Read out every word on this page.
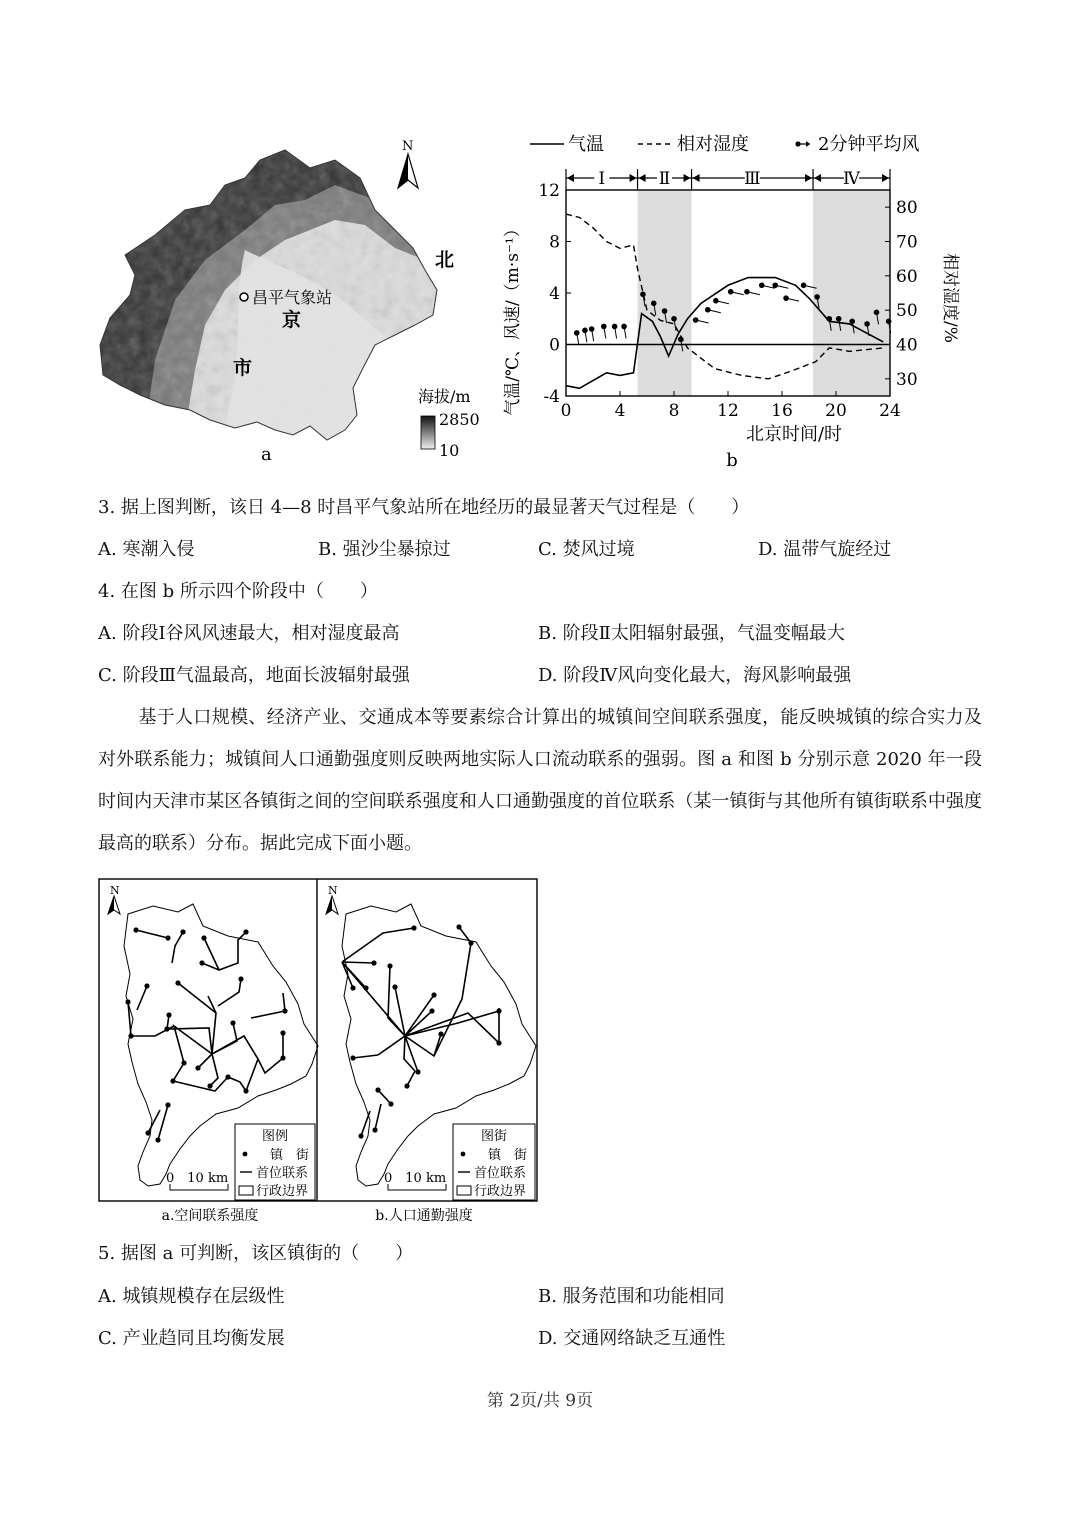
北
京
市
昌平气象站
N
海拔/m
2850
10
a
气温	相对湿度	2分钟平均风
Ⅰ	Ⅱ	Ⅲ	Ⅳ
0	4	8 12 16 20 24
-4
0
4
8
12
30
40
50
60
70
80
北京时间/时
b
气温/℃、风速/（m·s⁻¹）	相对湿度/%
3. 据上图判断，该日 4—8 时昌平气象站所在地经历的最显著天气过程是（　　）
A. 寒潮入侵	B. 强沙尘暴掠过	C. 焚风过境	D. 温带气旋经过
4. 在图 b 所示四个阶段中（　　）
A. 阶段Ⅰ谷风风速最大，相对湿度最高	B. 阶段Ⅱ太阳辐射最强，气温变幅最大
C. 阶段Ⅲ气温最高，地面长波辐射最强	D. 阶段Ⅳ风向变化最大，海风影响最强
基于人口规模、经济产业、交通成本等要素综合计算出的城镇间空间联系强度，能反映城镇的综合实力及对外联系能力；城镇间人口通勤强度则反映两地实际人口流动联系的强弱。图 a 和图 b 分别示意 2020 年一段时间内天津市某区各镇街之间的空间联系强度和人口通勤强度的首位联系（某一镇街与其他所有镇街联系中强度最高的联系）分布。据此完成下面小题。
N
0　10 km
图例
镇　街
首位联系
行政边界
N
0　10 km
图街
镇　街
首位联系
行政边界
a.空间联系强度	b.人口通勤强度
5. 据图 a 可判断，该区镇街的（　　）
A. 城镇规模存在层级性	B. 服务范围和功能相同
C. 产业趋同且均衡发展	D. 交通网络缺乏互通性
第 2页/共 9页
